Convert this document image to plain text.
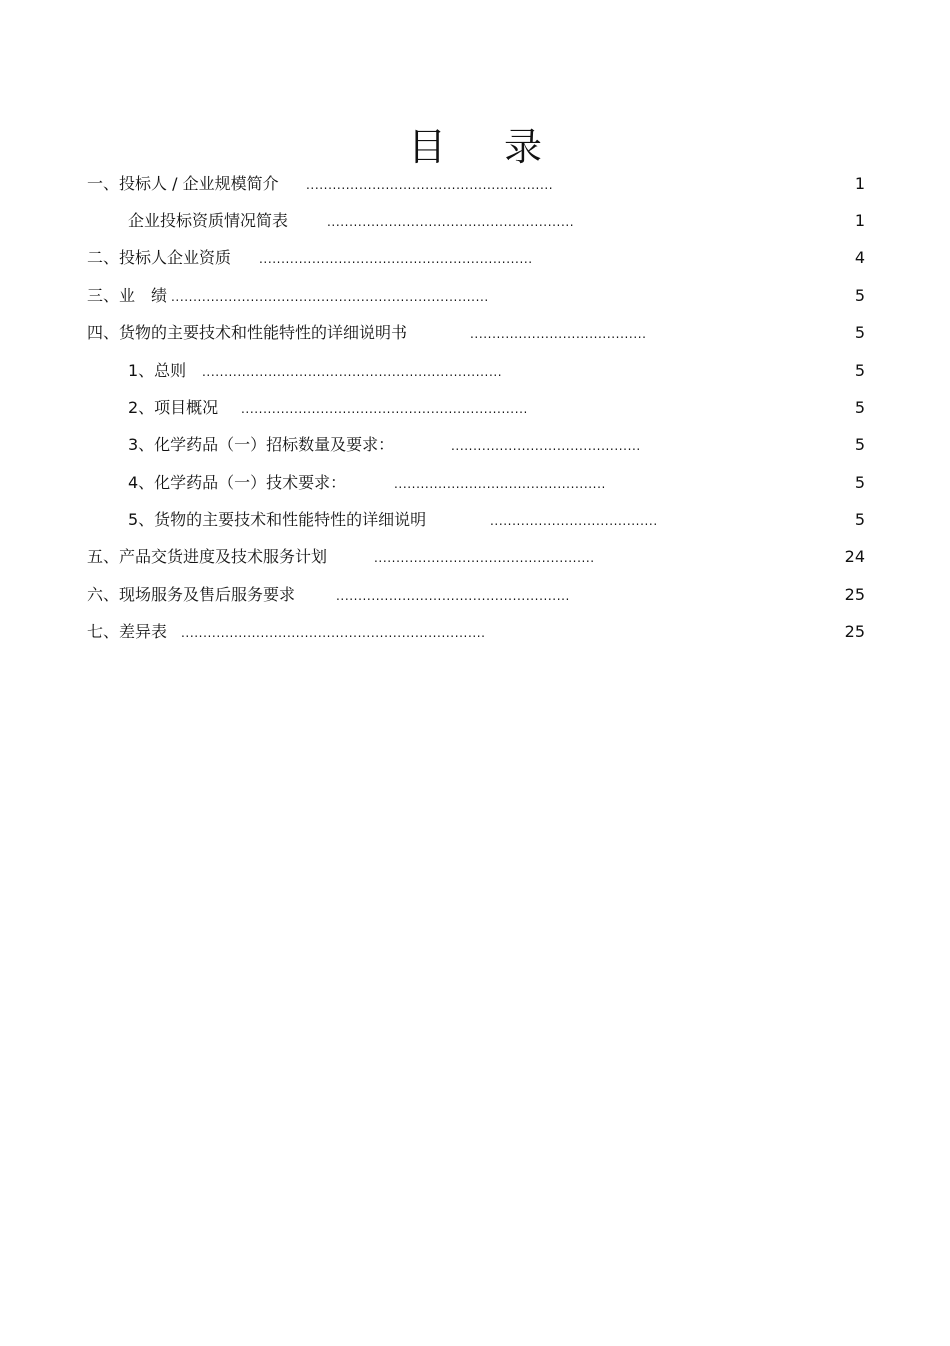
目 录
一、投标人 / 企业规模简介 ........................................................	1
企业投标资质情况简表	........................................................	1
二、投标人企业资质 ..............................................................	4
三、业　绩 ........................................................................	5
四、货物的主要技术和性能特性的详细说明书	........................................	5
1、总则 ....................................................................	5
2、项目概况 .................................................................	5
3、化学药品（一）招标数量及要求：	...........................................	5
4、化学药品（一）技术要求：	................................................	5
5、货物的主要技术和性能特性的详细说明	......................................	5
五、产品交货进度及技术服务计划	..................................................	24
六、现场服务及售后服务要求	.....................................................	25
七、差异表 .....................................................................	25
